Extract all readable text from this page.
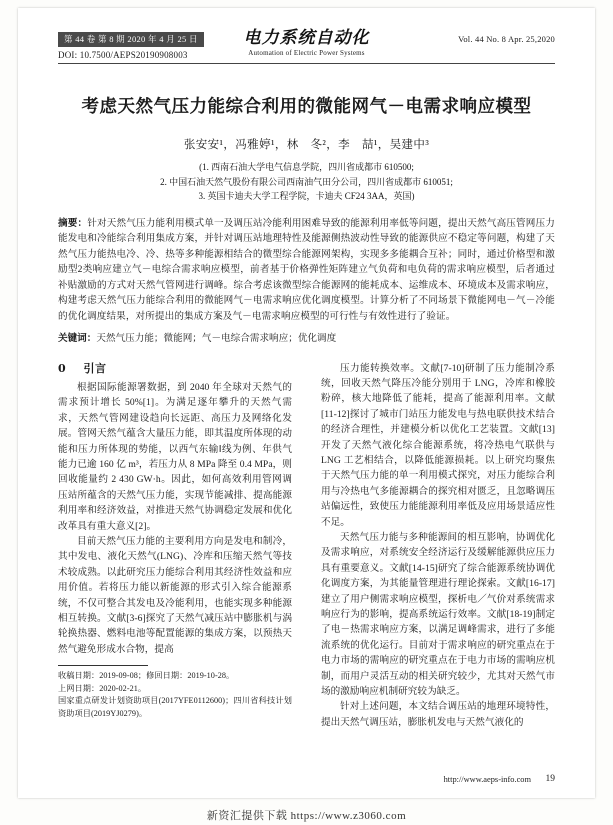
第 44 卷 第 8 期 2020 年 4 月 25 日
DOI: 10.7500/AEPS20190908003
电力系统自动化
Automation of Electric Power Systems
Vol. 44 No. 8 Apr. 25,2020
考虑天然气压力能综合利用的微能网气－电需求响应模型
张安安¹，冯雅婷¹，林　冬²，李　喆¹，吴建中³
(1. 西南石油大学电气信息学院，四川省成都市 610500;
2. 中国石油天然气股份有限公司西南油气田分公司，四川省成都市 610051;
3. 英国卡迪夫大学工程学院，卡迪夫 CF24 3AA，英国)
摘要：针对天然气压力能利用模式单一及调压站冷能利用困难导致的能源利用率低等问题，提出天然气高压管网压力能发电和冷能综合利用集成方案，并针对调压站地理特性及能源侧热波动性导致的能源供应不稳定等问题，构建了天然气压力能热电冷、冷、热等多种能源相结合的微型综合能源网架构，实现多多能耦合互补；同时，通过价格型和激励型2类响应建立气－电综合需求响应模型，前者基于价格弹性矩阵建立气负荷和电负荷的需求响应模型，后者通过补贴激励的方式对天然气管网进行调峰。综合考虑该微型综合能源网的能耗成本、运维成本、环境成本及需求响应，构建考虑天然气压力能综合利用的微能网气－电需求响应优化调度模型。计算分析了不同场景下微能网电－气－冷能的优化调度结果，对所提出的集成方案及气－电需求响应模型的可行性与有效性进行了验证。
关键词：天然气压力能；微能网；气－电综合需求响应；优化调度
0 引言

根据国际能源署数据，到 2040 年全球对天然气的需求预计增长 50%[1]。为满足逐年攀升的天然气需求，天然气管网建设趋向长远距、高压力及网络化发展。管网天然气蕴含大量压力能，即其温度所体现的动能和压力所体现的势能，以西气东输Ⅰ线为例、年供气能力已逾 160 亿 m³，若压力从 8 MPa 降至 0.4 MPa，则回收能量约 2 430 GW·h。因此，如何高效利用管网调压站所蕴含的天然气压力能，实现节能减排、提高能源利用率和经济效益，对推进天然气协调稳定发展和优化改革具有重大意义[2]。

目前天然气压力能的主要利用方向是发电和制冷，其中发电、液化天然气(LNG)、冷库和压缩天然气等技术较成熟。以此研究压力能综合利用其经济性效益和应用价值。若将压力能以新能源的形式引入综合能源系统，不仅可整合其发电及冷能利用，也能实现多种能源相互转换。文献[3-6]探究了天然气减压站中膨胀机与涡轮换热器、燃料电池等配置能源的集成方案，以预热天然气避免形成水合物，提高

收稿日期：2019-09-08；修回日期：2019-10-28。
上网日期：2020-02-21。
国家重点研发计划资助项目(2017YFE0112600)；四川省科技计划资助项目(2019YJ0279)。

压力能转换效率。文献[7-10]研制了压力能制冷系统，回收天然气降压冷能分别用于 LNG，冷库和橡胶粉碎，核大地降低了能耗，提高了能源利用率。文献[11-12]探讨了城市门站压力能发电与热电联供技术结合的经济合理性，并建模分析以优化工艺装置。文献[13]开发了天然气液化综合能源系统，将冷热电气联供与 LNG 工艺相结合，以降低能源损耗。以上研究均聚焦于天然气压力能的单一利用模式探究，对压力能综合利用与冷热电气多能源耦合的探究相对匮乏，且忽略调压站偏远性，致使压力能能源利用率低及应用场景适应性不足。

天然气压力能与多种能源间的相互影响，协调优化及需求响应，对系统安全经济运行及缓解能源供应压力具有重要意义。文献[14-15]研究了综合能源系统协调优化调度方案，为其能量管理进行理论探索。文献[16-17]建立了用户侧需求响应模型，探析电／气价对系统需求响应行为的影响，提高系统运行效率。文献[18-19]制定了电－热需求响应方案，以满足调峰需求，进行了多能流系统的优化运行。目前对于需求响应的研究重点在于电力市场的需响应的研究重点在于电力市场的需响应机制，而用户灵活互动的相关研究较少，尤其对天然气市场的激励响应机制研究较为缺乏。

针对上述问题，本文结合调压站的地理环境特性，提出天然气调压站，膨胀机发电与天然气液化的

http://www.aeps-info.com 19
新资汇提供下载 https://www.z3060.com
